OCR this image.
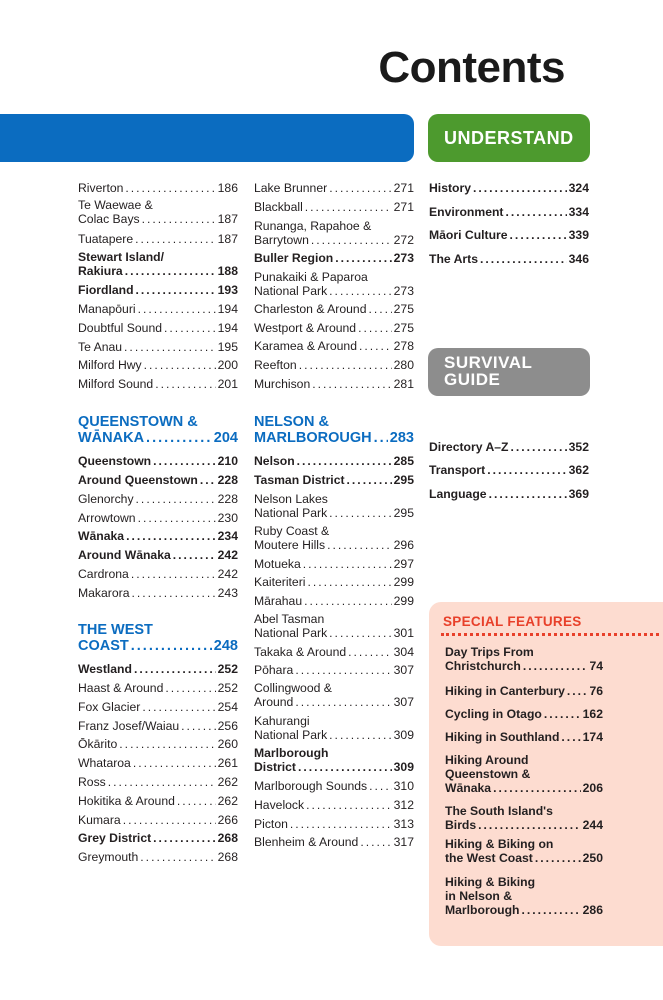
Contents
UNDERSTAND
SURVIVAL
GUIDE
Riverton .....	186
Te Waewae &
Colac Bays .....	187
Tuatapere .....	187
Stewart Island/
Rakiura .....	188
Fiordland .....	193
Manapōuri .....	194
Doubtful Sound .....	194
Te Anau .....	195
Milford Hwy .....	200
Milford Sound .....	201
QUEENSTOWN &
WĀNAKA .....	204
Queenstown .....	210
Around Queenstown ..... 228
Glenorchy .....	228
Arrowtown .....	230
Wānaka .....	234
Around Wānaka .....	242
Cardrona .....	242
Makarora .....	243
THE WEST
COAST .....	248
Westland .....	252
Haast & Around .....	252
Fox Glacier .....	254
Franz Josef/Waiau .....	256
Ōkārito .....	260
Whataroa .....	261
Ross .....	262
Hokitika & Around .....	262
Kumara .....	266
Grey District .....	268
Greymouth .....	268
Lake Brunner .....	271
Blackball .....	271
Runanga, Rapahoe &
Barrytown .....	272
Buller Region .....	273
Punakaiki & Paparoa
National Park .....	273
Charleston & Around ..... 275
Westport & Around .....	275
Karamea & Around .....	278
Reefton .....	280
Murchison .....	281
NELSON &
MARLBOROUGH ..... 283
Nelson .....	285
Tasman District .....	295
Nelson Lakes
National Park .....	295
Ruby Coast &
Moutere Hills .....	296
Motueka .....	297
Kaiteriteri .....	299
Mārahau .....	299
Abel Tasman
National Park .....	301
Takaka & Around .....	304
Pōhara .....	307
Collingwood &
Around .....	307
Kahurangi
National Park .....	309
Marlborough
District .....	309
Marlborough Sounds ..... 310
Havelock .....	312
Picton .....	313
Blenheim & Around .....	317
History .....	324
Environment .....	334
Māori Culture .....	339
The Arts .....	346
Directory A–Z .....	352
Transport .....	362
Language .....	369
SPECIAL FEATURES
Day Trips From
Christchurch .....	74
Hiking in Canterbury ..... 76
Cycling in Otago .....	162
Hiking in Southland ..... 174
Hiking Around
Queenstown &
Wānaka .....	206
The South Island's
Birds .....	244
Hiking & Biking on
the West Coast .....	250
Hiking & Biking
in Nelson &
Marlborough .....	286
